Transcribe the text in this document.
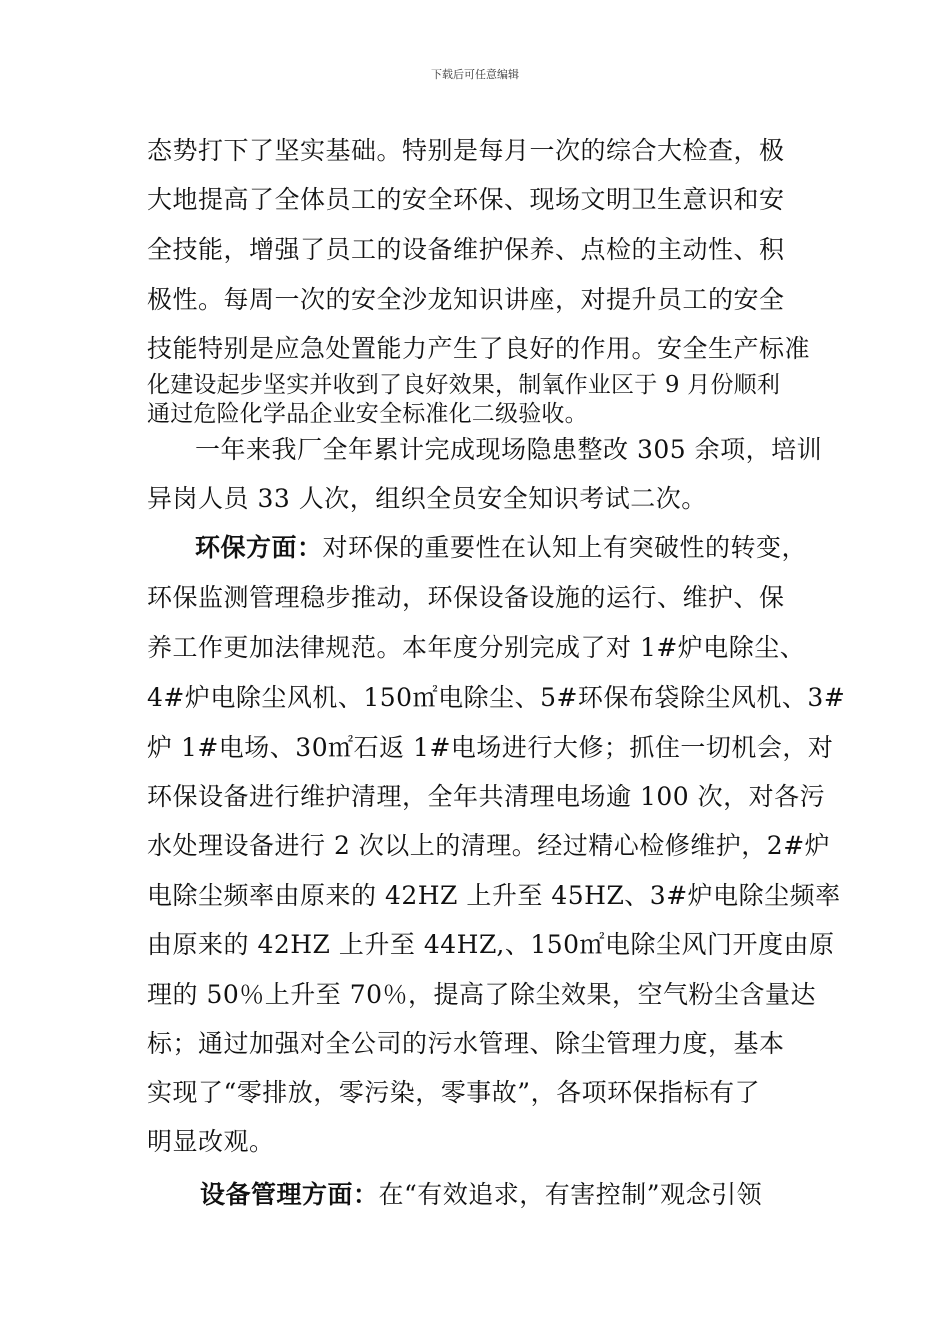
下载后可任意编辑
态势打下了坚实基础。特别是每月一次的综合大检查，极
大地提高了全体员工的安全环保、现场文明卫生意识和安
全技能，增强了员工的设备维护保养、点检的主动性、积
极性。每周一次的安全沙龙知识讲座，对提升员工的安全
技能特别是应急处置能力产生了良好的作用。安全生产标准
化建设起步坚实并收到了良好效果，制氧作业区于 9 月份顺利
通过危险化学品企业安全标准化二级验收。
一年来我厂全年累计完成现场隐患整改 305 余项，培训
异岗人员 33 人次，组织全员安全知识考试二次。
环保方面：对环保的重要性在认知上有突破性的转变，
环保监测管理稳步推动，环保设备设施的运行、维护、保
养工作更加法律规范。本年度分别完成了对 1#炉电除尘、
4#炉电除尘风机、150㎡电除尘、5#环保布袋除尘风机、3#
炉 1#电场、30㎡石返 1#电场进行大修；抓住一切机会，对
环保设备进行维护清理，全年共清理电场逾 100 次，对各污
水处理设备进行 2 次以上的清理。经过精心检修维护，2#炉
电除尘频率由原来的 42HZ 上升至 45HZ、3#炉电除尘频率
由原来的 42HZ 上升至 44HZ,、150㎡电除尘风门开度由原
理的 50％上升至 70％，提高了除尘效果，空气粉尘含量达
标；通过加强对全公司的污水管理、除尘管理力度，基本
实现了“零排放，零污染，零事故”，各项环保指标有了
明显改观。
设备管理方面：在“有效追求，有害控制”观念引领
